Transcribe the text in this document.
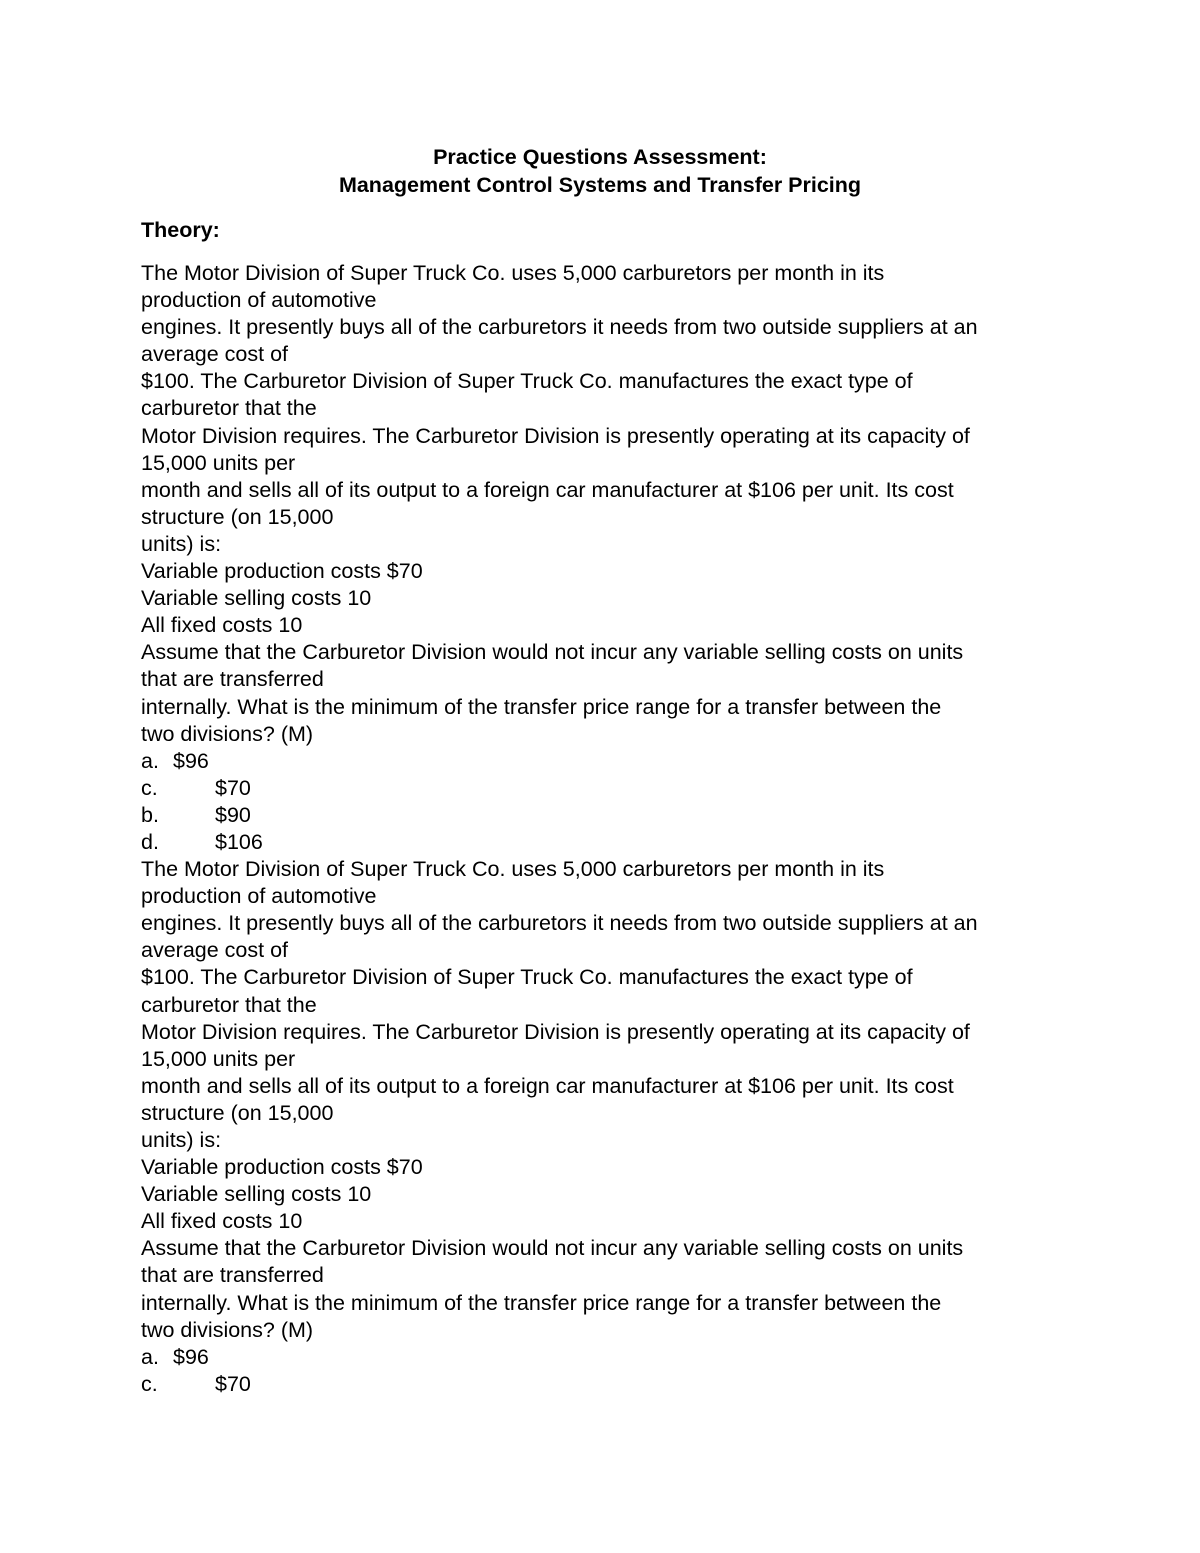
Practice Questions Assessment:
Management Control Systems and Transfer Pricing
Theory:
The Motor Division of Super Truck Co. uses 5,000 carburetors per month in its
production of automotive
engines. It presently buys all of the carburetors it needs from two outside suppliers at an
average cost of
$100. The Carburetor Division of Super Truck Co. manufactures the exact type of
carburetor that the
Motor Division requires. The Carburetor Division is presently operating at its capacity of
15,000 units per
month and sells all of its output to a foreign car manufacturer at $106 per unit. Its cost
structure (on 15,000
units) is:
Variable production costs $70
Variable selling costs 10
All fixed costs 10
Assume that the Carburetor Division would not incur any variable selling costs on units
that are transferred
internally. What is the minimum of the transfer price range for a transfer between the
two divisions? (M)
a. $96
c.	$70
b.	$90
d.	$106
The Motor Division of Super Truck Co. uses 5,000 carburetors per month in its
production of automotive
engines. It presently buys all of the carburetors it needs from two outside suppliers at an
average cost of
$100. The Carburetor Division of Super Truck Co. manufactures the exact type of
carburetor that the
Motor Division requires. The Carburetor Division is presently operating at its capacity of
15,000 units per
month and sells all of its output to a foreign car manufacturer at $106 per unit. Its cost
structure (on 15,000
units) is:
Variable production costs $70
Variable selling costs 10
All fixed costs 10
Assume that the Carburetor Division would not incur any variable selling costs on units
that are transferred
internally. What is the minimum of the transfer price range for a transfer between the
two divisions? (M)
a. $96
c.	$70
